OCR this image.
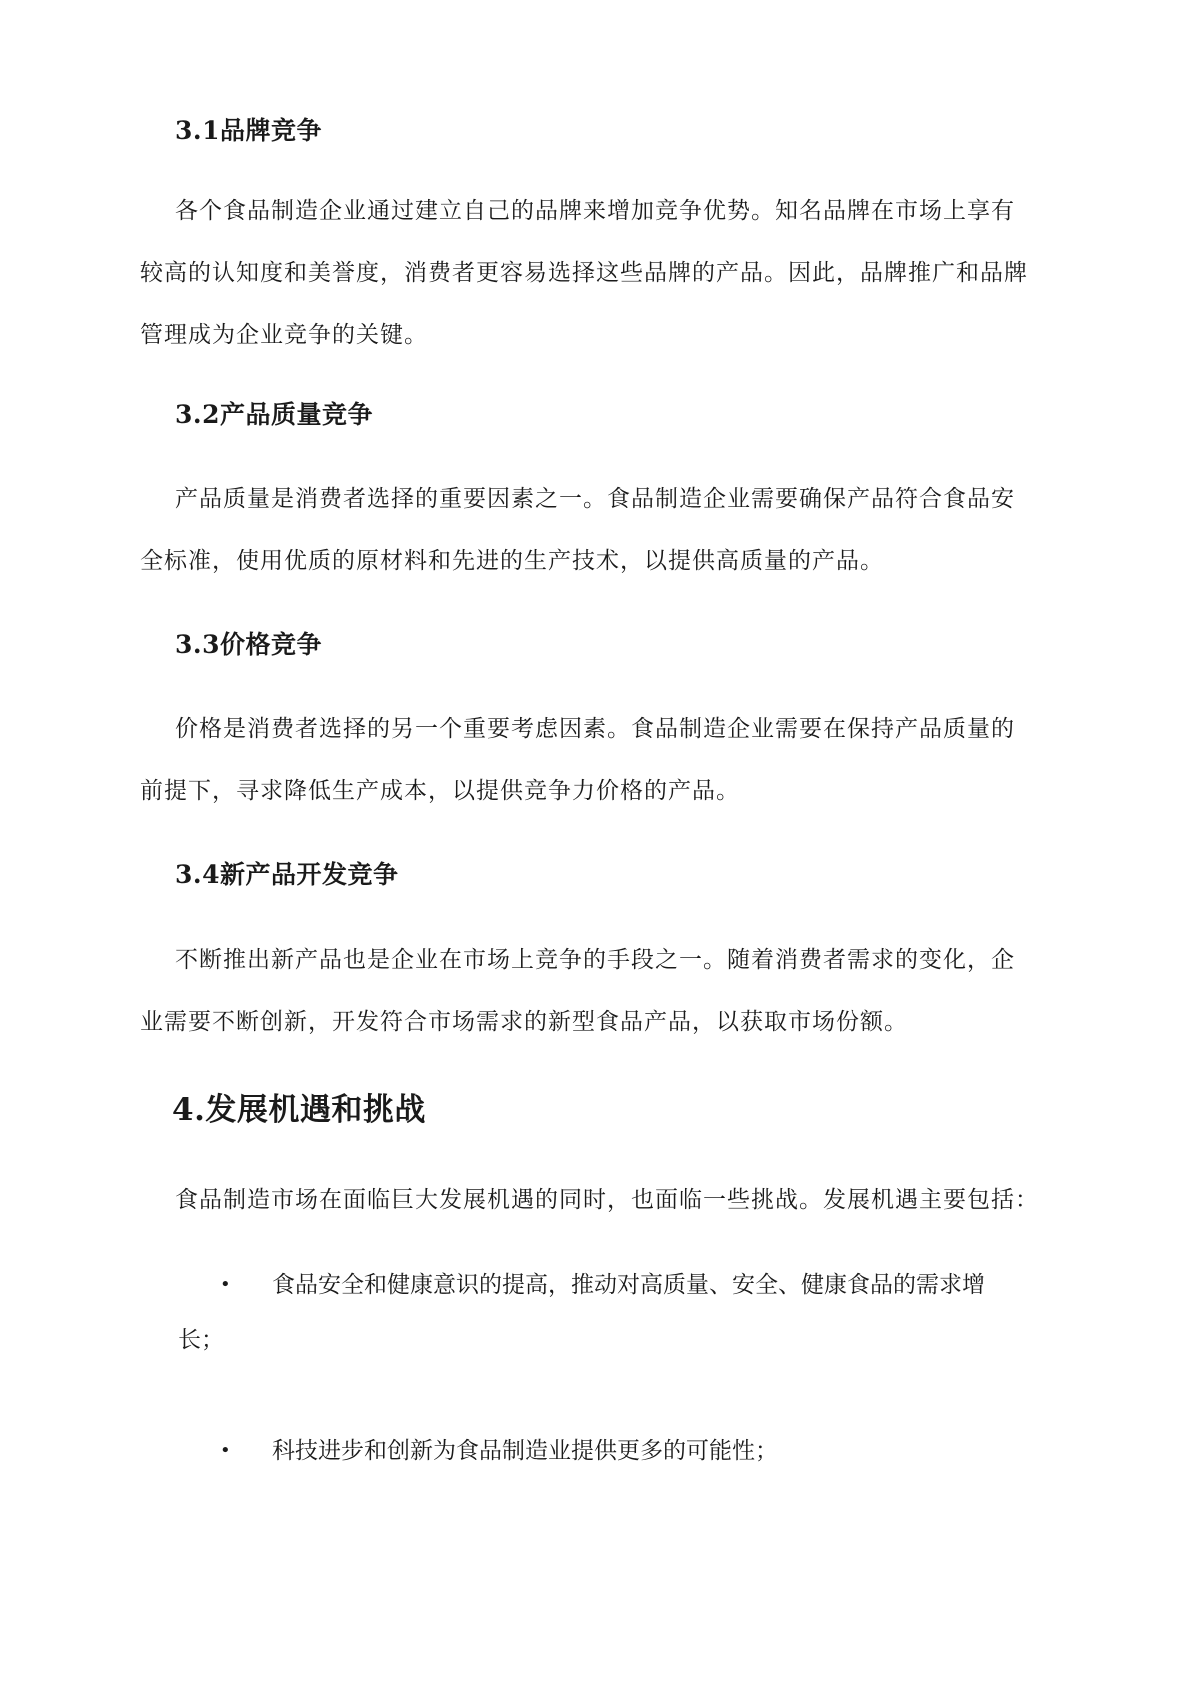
3.1品牌竞争
各个食品制造企业通过建立自己的品牌来增加竞争优势。知名品牌在市场上享有
较高的认知度和美誉度，消费者更容易选择这些品牌的产品。因此，品牌推广和品牌
管理成为企业竞争的关键。
3.2产品质量竞争
产品质量是消费者选择的重要因素之一。食品制造企业需要确保产品符合食品安
全标准，使用优质的原材料和先进的生产技术，以提供高质量的产品。
3.3价格竞争
价格是消费者选择的另一个重要考虑因素。食品制造企业需要在保持产品质量的
前提下，寻求降低生产成本，以提供竞争力价格的产品。
3.4新产品开发竞争
不断推出新产品也是企业在市场上竞争的手段之一。随着消费者需求的变化，企
业需要不断创新，开发符合市场需求的新型食品产品，以获取市场份额。
4.发展机遇和挑战

食品制造市场在面临巨大发展机遇的同时，也面临一些挑战。发展机遇主要包括：

• 食品安全和健康意识的提高，推动对高质量、安全、健康食品的需求增
长；
• 科技进步和创新为食品制造业提供更多的可能性；
